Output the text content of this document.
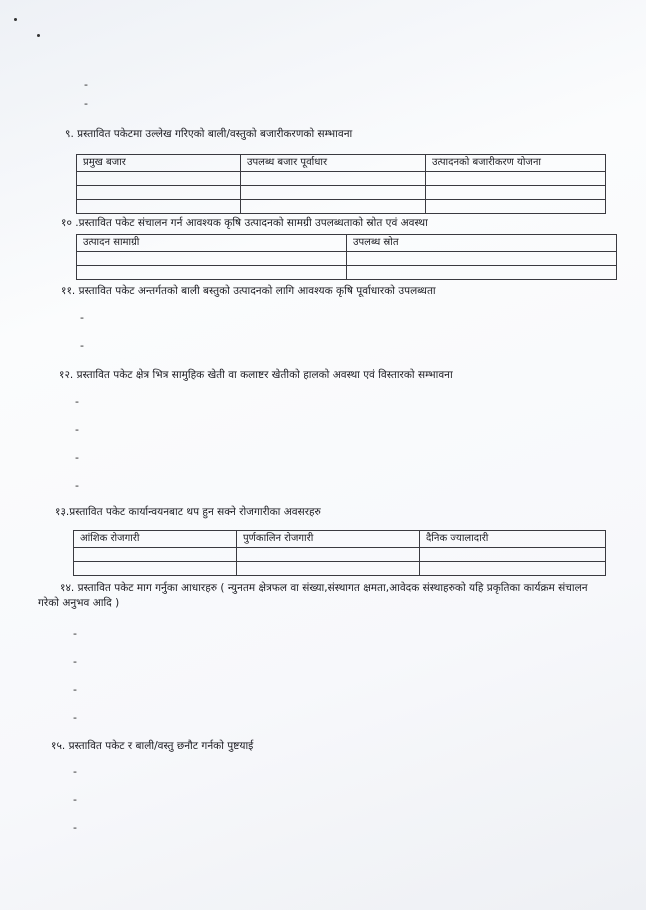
-
-
९. प्रस्तावित पकेटमा उल्लेख गरिएको बाली/वस्तुको बजारीकरणको सम्भावना
प्रमुख बजार	उपलब्ध बजार पूर्वाधार	उत्पादनको बजारीकरण योजना

१० .प्रस्तावित पकेट संचालन गर्न आवश्यक कृषि उत्पादनको सामग्री उपलब्धताको स्रोत एवं अवस्था
उत्पादन सामाग्री	उपलब्ध स्रोत

११. प्रस्तावित पकेट अन्तर्गतको बाली बस्तुको उत्पादनको लागि आवश्यक कृषि पूर्वाधारको उपलब्धता
-
-
१२. प्रस्तावित पकेट क्षेत्र भित्र सामुहिक खेती वा कलाष्टर खेतीको हालको अवस्था एवं विस्तारको सम्भावना
-
-
-
-
१३.प्रस्तावित पकेट कार्यान्वयनबाट थप हुन सक्ने रोजगारीका अवसरहरु
आंशिक रोजगारी	पुर्णकालिन रोजगारी	दैनिक ज्यालादारी

१४. प्रस्तावित पकेट माग गर्नुका आधारहरु ( न्युनतम क्षेत्रफल वा संख्या,संस्थागत क्षमता,आवेदक संस्थाहरुको यहि प्रकृतिका कार्यक्रम संचालन गरेको अनुभव आदि )
-
-
-
-
१५. प्रस्तावित पकेट र बाली/वस्तु छनौट गर्नको पुष्टयाई
-
-
-
